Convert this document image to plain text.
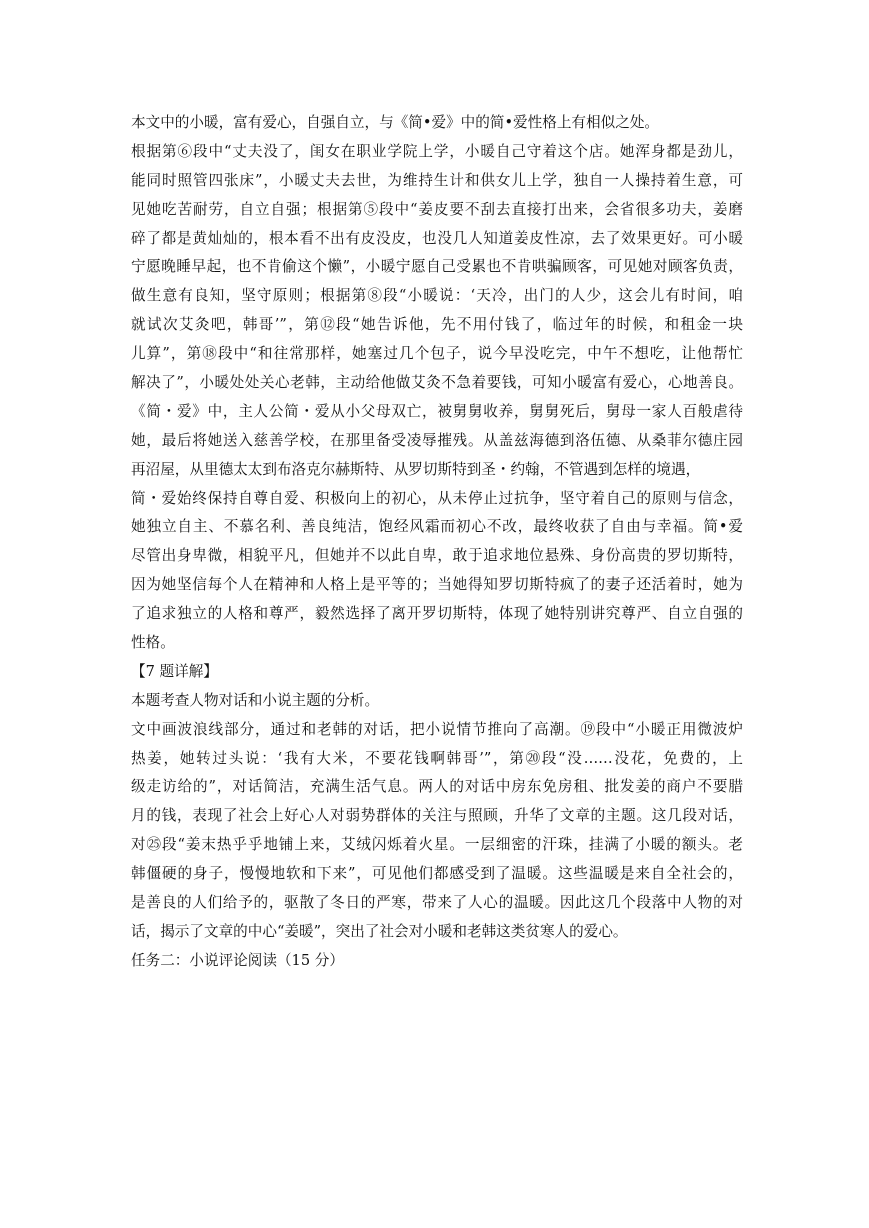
本文中的小暖，富有爱心，自强自立，与《简•爱》中的简•爱性格上有相似之处。
根据第⑥段中“丈夫没了，闺女在职业学院上学，小暖自己守着这个店。她浑身都是劲儿，
能同时照管四张床”，小暖丈夫去世，为维持生计和供女儿上学，独自一人操持着生意，可
见她吃苦耐劳，自立自强；根据第⑤段中“姜皮要不刮去直接打出来，会省很多功夫，姜磨
碎了都是黄灿灿的，根本看不出有皮没皮，也没几人知道姜皮性凉，去了效果更好。可小暖
宁愿晚睡早起，也不肯偷这个懒”，小暖宁愿自己受累也不肯哄骗顾客，可见她对顾客负责，
做生意有良知，坚守原则；根据第⑧段“小暖说：‘天冷，出门的人少，这会儿有时间，咱
就试次艾灸吧，韩哥’”，第⑫段“她告诉他，先不用付钱了，临过年的时候，和租金一块
儿算”，第⑱段中“和往常那样，她塞过几个包子，说今早没吃完，中午不想吃，让他帮忙
解决了”，小暖处处关心老韩，主动给他做艾灸不急着要钱，可知小暖富有爱心，心地善良。
《简・爱》中，主人公简・爱从小父母双亡，被舅舅收养，舅舅死后，舅母一家人百般虐待
她，最后将她送入慈善学校，在那里备受凌辱摧残。从盖兹海德到洛伍德、从桑菲尔德庄园
再沼屋，从里德太太到布洛克尔赫斯特、从罗切斯特到圣・约翰，不管遇到怎样的境遇，
简・爱始终保持自尊自爱、积极向上的初心，从未停止过抗争，坚守着自己的原则与信念，
她独立自主、不慕名利、善良纯洁，饱经风霜而初心不改，最终收获了自由与幸福。简•爱
尽管出身卑微，相貌平凡，但她并不以此自卑，敢于追求地位悬殊、身份高贵的罗切斯特，
因为她坚信每个人在精神和人格上是平等的；当她得知罗切斯特疯了的妻子还活着时，她为
了追求独立的人格和尊严，毅然选择了离开罗切斯特，体现了她特别讲究尊严、自立自强的
性格。
【7 题详解】
本题考查人物对话和小说主题的分析。
文中画波浪线部分，通过和老韩的对话，把小说情节推向了高潮。⑲段中“小暖正用微波炉
热姜，她转过头说：‘我有大米，不要花钱啊韩哥’”，第⑳段“没……没花，免费的，上
级走访给的”，对话简洁，充满生活气息。两人的对话中房东免房租、批发姜的商户不要腊
月的钱，表现了社会上好心人对弱势群体的关注与照顾，升华了文章的主题。这几段对话，
对㉕段“姜末热乎乎地铺上来，艾绒闪烁着火星。一层细密的汗珠，挂满了小暖的额头。老
韩僵硬的身子，慢慢地软和下来”，可见他们都感受到了温暖。这些温暖是来自全社会的，
是善良的人们给予的，驱散了冬日的严寒，带来了人心的温暖。因此这几个段落中人物的对
话，揭示了文章的中心“姜暖”，突出了社会对小暖和老韩这类贫寒人的爱心。
任务二：小说评论阅读（15 分）
